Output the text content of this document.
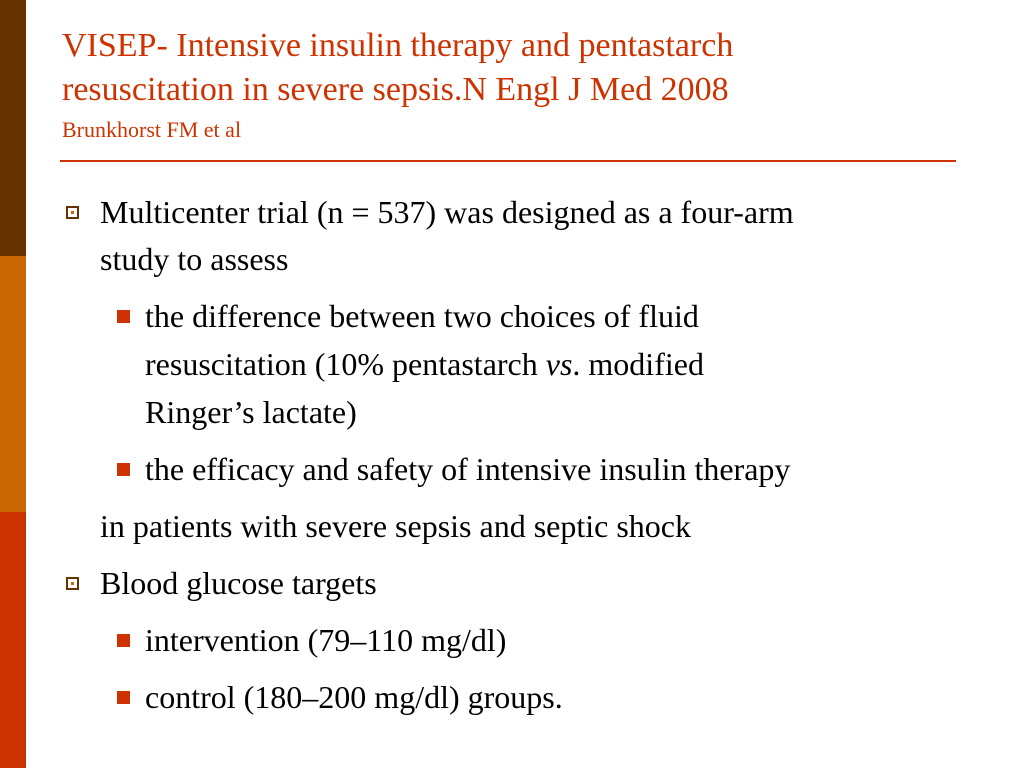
VISEP- Intensive insulin therapy and pentastarch
resuscitation in severe sepsis.N Engl J Med 2008
Brunkhorst FM et al
Multicenter trial (n = 537) was designed as a four-arm
study to assess
the difference between two choices of fluid
resuscitation (10% pentastarch vs. modified
Ringer’s lactate)
the efficacy and safety of intensive insulin therapy
in patients with severe sepsis and septic shock
Blood glucose targets
intervention (79–110 mg/dl)
control (180–200 mg/dl) groups.
